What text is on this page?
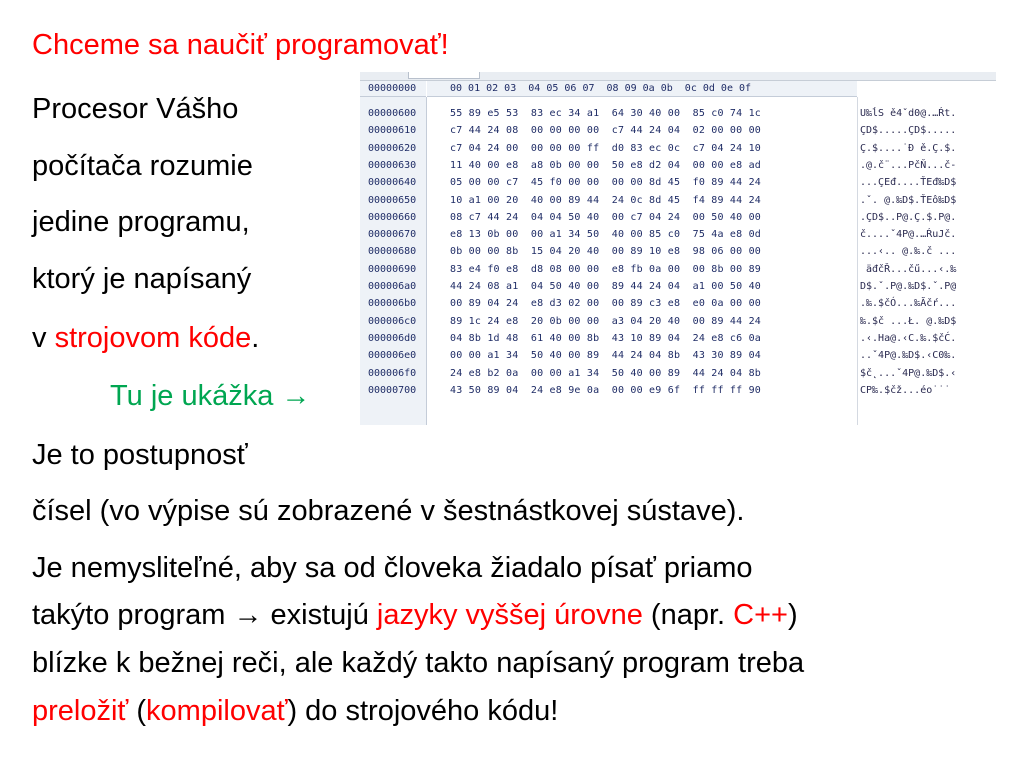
Chceme sa naučiť programovať!
Procesor Vášho
počítača rozumie
jedine programu,
ktorý je napísaný
v strojovom kóde.
Tu je ukážka →
Je to postupnosť
čísel (vo výpise sú zobrazené v šestnástkovej sústave).
Je nemysliteľné, aby sa od človeka žiadalo písať priamo
takýto program → existujú jazyky vyššej úrovne (napr. C++)
blízke k bežnej reči, ale každý takto napísaný program treba
preložiť (kompilovať) do strojového kódu!
00000000	00 01 02 03  04 05 06 07  08 09 0a 0b  0c 0d 0e 0f
00000600	55 89 e5 53  83 ec 34 a1  64 30 40 00  85 c0 74 1c	U‰ĺS ě4ˇd0@.…Ŕt.
00000610	c7 44 24 08  00 00 00 00  c7 44 24 04  02 00 00 00	ÇD$.....ÇD$.....
00000620	c7 04 24 00  00 00 00 ff  d0 83 ec 0c  c7 04 24 10	Ç.$....˙Đ ě.Ç.$.
00000630	11 40 00 e8  a8 0b 00 00  50 e8 d2 04  00 00 e8 ad	.@.č¨...PčŇ...č-
00000640	05 00 00 c7  45 f0 00 00  00 00 8d 45  f0 89 44 24	...ÇEđ....ŤEđ‰D$
00000650	10 a1 00 20  40 00 89 44  24 0c 8d 45  f4 89 44 24	.ˇ. @.‰D$.ŤEô‰D$
00000660	08 c7 44 24  04 04 50 40  00 c7 04 24  00 50 40 00	.ÇD$..P@.Ç.$.P@.
00000670	e8 13 0b 00  00 a1 34 50  40 00 85 c0  75 4a e8 0d	č....ˇ4P@.…ŔuJč.
00000680	0b 00 00 8b  15 04 20 40  00 89 10 e8  98 06 00 00	...‹.. @.‰.č ...
00000690	83 e4 f0 e8  d8 08 00 00  e8 fb 0a 00  00 8b 00 89	äđčŘ...čű...‹.‰
000006a0	44 24 08 a1  04 50 40 00  89 44 24 04  a1 00 50 40	D$.ˇ.P@.‰D$.ˇ.P@
000006b0	00 89 04 24  e8 d3 02 00  00 89 c3 e8  e0 0a 00 00	.‰.$čÓ...‰Ăčŕ...
000006c0	89 1c 24 e8  20 0b 00 00  a3 04 20 40  00 89 44 24	‰.$č ...Ł. @.‰D$
000006d0	04 8b 1d 48  61 40 00 8b  43 10 89 04  24 e8 c6 0a	.‹.Ha@.‹C.‰.$čĆ.
000006e0	00 00 a1 34  50 40 00 89  44 24 04 8b  43 30 89 04	..ˇ4P@.‰D$.‹C0‰.
000006f0	24 e8 b2 0a  00 00 a1 34  50 40 00 89  44 24 04 8b	$č˛...ˇ4P@.‰D$.‹
00000700	43 50 89 04  24 e8 9e 0a  00 00 e9 6f  ff ff ff 90	CP‰.$čž...éo˙˙˙
